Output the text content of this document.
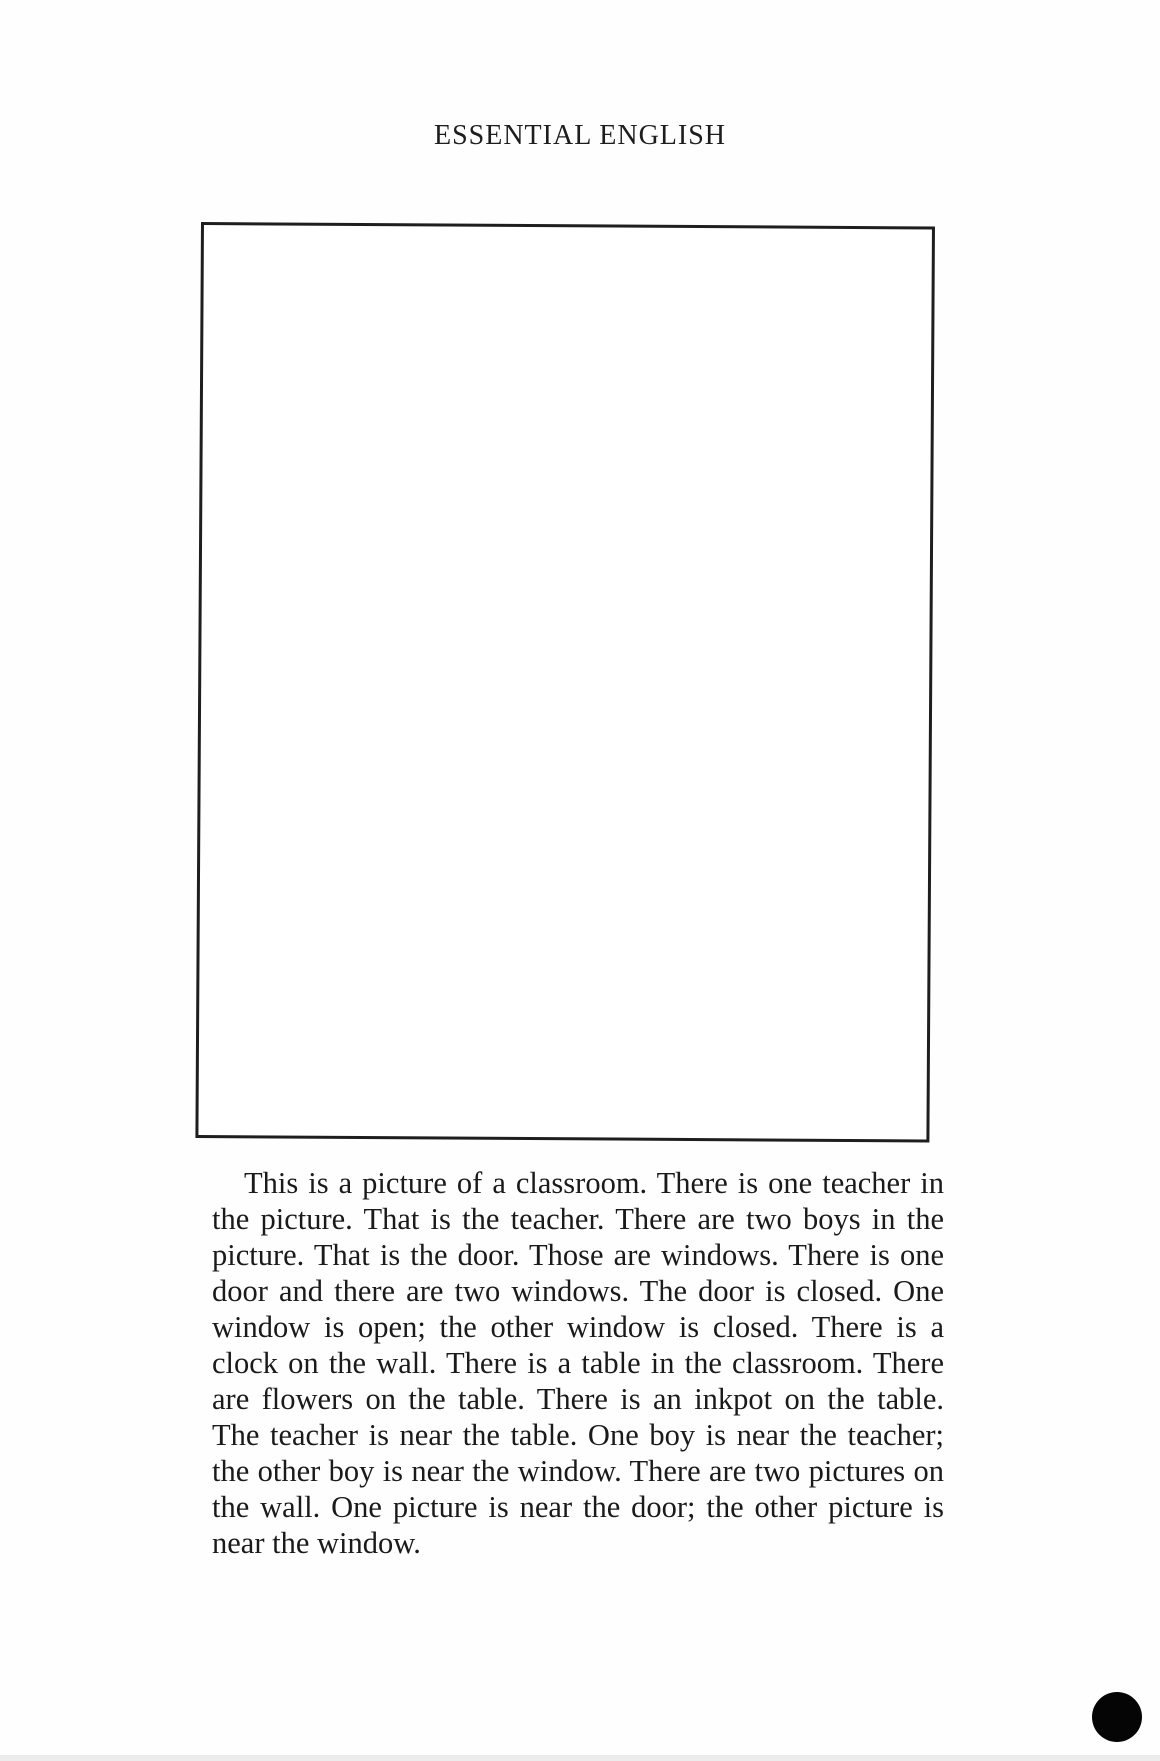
ESSENTIAL ENGLISH

This is a picture of a classroom. There is one teacher in the picture. That is the teacher. There are two boys in the picture. That is the door. Those are windows. There is one door and there are two windows. The door is closed. One window is open; the other window is closed. There is a clock on the wall. There is a table in the classroom. There are flowers on the table. There is an inkpot on the table. The teacher is near the table. One boy is near the teacher; the other boy is near the window. There are two pictures on the wall. One picture is near the door; the other picture is near the window.
